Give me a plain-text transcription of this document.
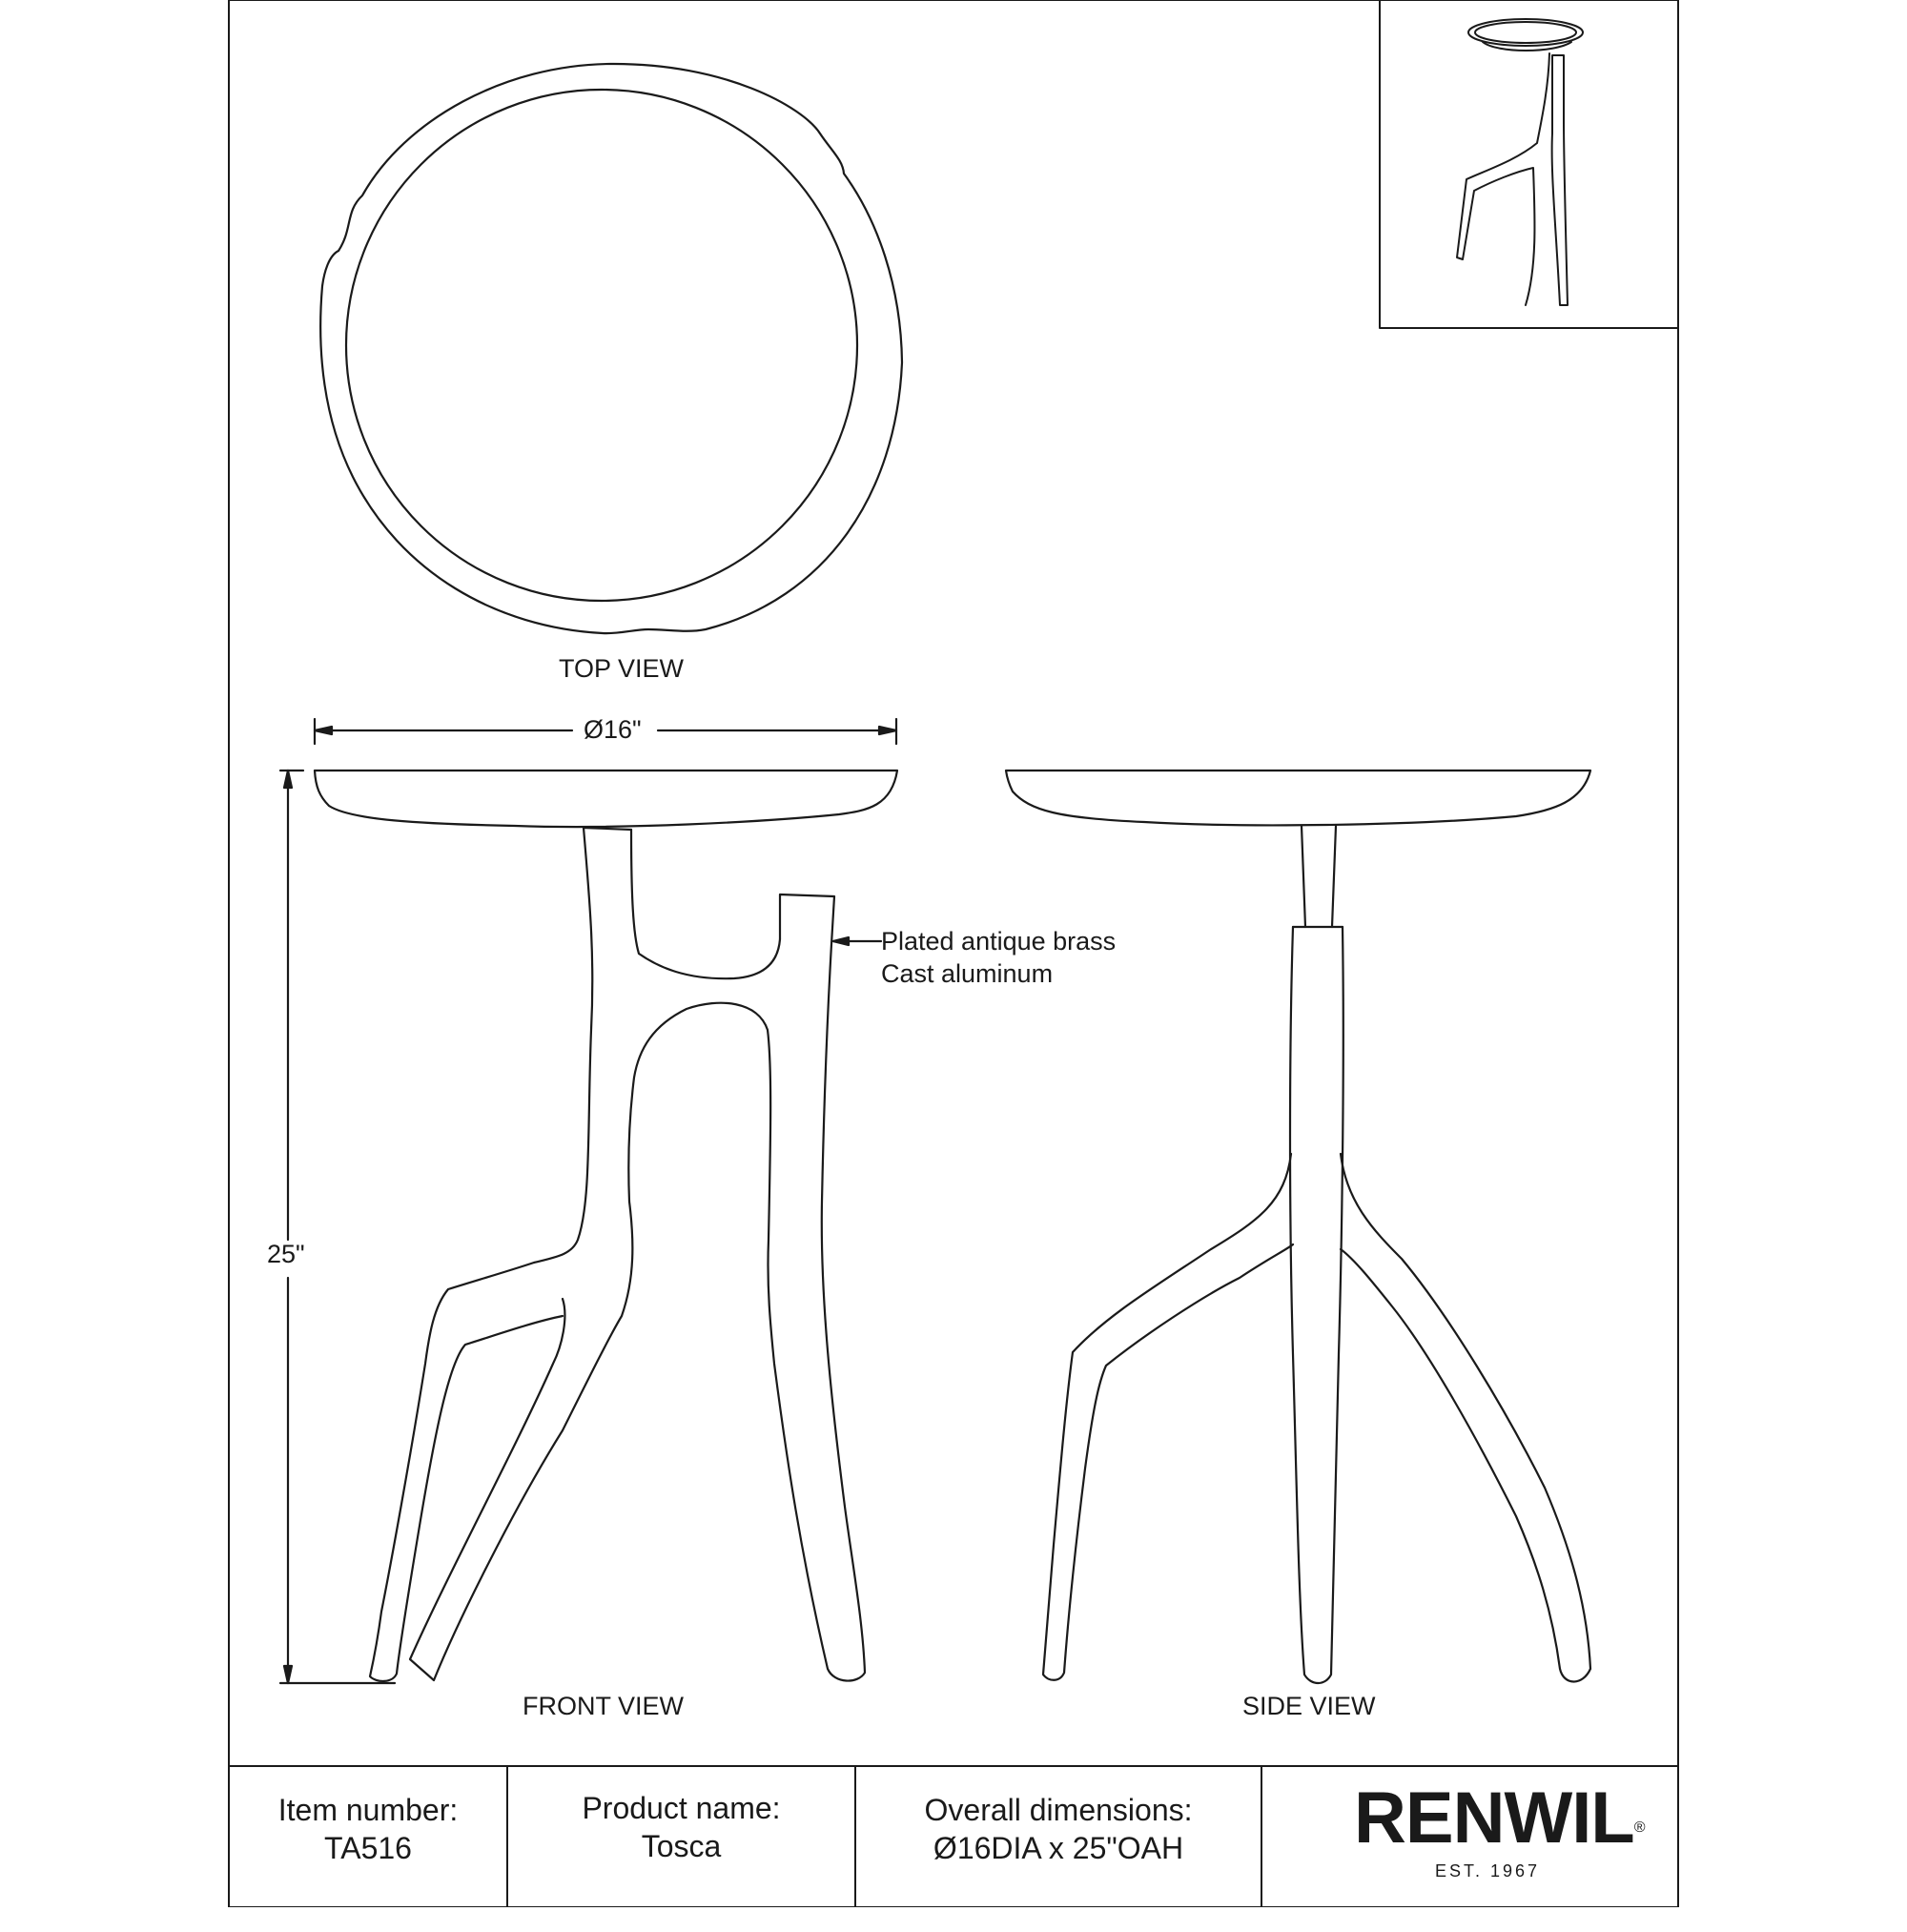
TOP VIEW
Ø16"
25"
Plated antique brass
Cast aluminum
FRONT VIEW	SIDE VIEW
Item number:
TA516
Product name:
Tosca
Overall dimensions:
Ø16DIA x 25"OAH	RENWIL®
EST. 1967
